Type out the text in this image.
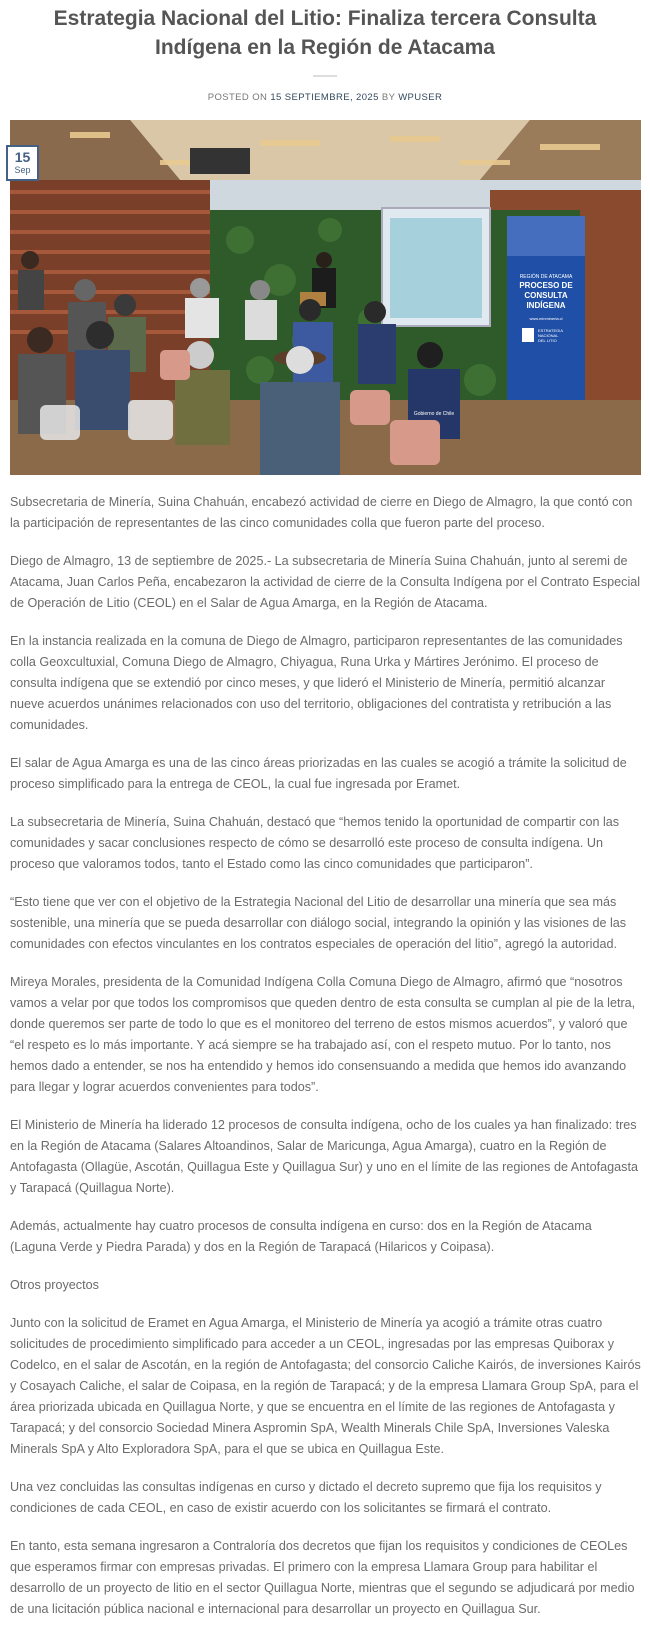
Estrategia Nacional del Litio: Finaliza tercera Consulta Indígena en la Región de Atacama
POSTED ON 15 SEPTIEMBRE, 2025 BY WPUSER
15
Sep
REGIÓN DE ATACAMA
PROCESO DE
CONSULTA
INDÍGENA
www.minmineria.cl
ESTRATEGIA
NACIONAL
DEL LITIO
Gobierno de Chile

Subsecretaria de Minería, Suina Chahuán, encabezó actividad de cierre en Diego de Almagro, la que contó con la participación de representantes de las cinco comunidades colla que fueron parte del proceso.

Diego de Almagro, 13 de septiembre de 2025.- La subsecretaria de Minería Suina Chahuán, junto al seremi de Atacama, Juan Carlos Peña, encabezaron la actividad de cierre de la Consulta Indígena por el Contrato Especial de Operación de Litio (CEOL) en el Salar de Agua Amarga, en la Región de Atacama.

En la instancia realizada en la comuna de Diego de Almagro, participaron representantes de las comunidades colla Geoxcultuxial, Comuna Diego de Almagro, Chiyagua, Runa Urka y Mártires Jerónimo. El proceso de consulta indígena que se extendió por cinco meses, y que lideró el Ministerio de Minería, permitió alcanzar nueve acuerdos unánimes relacionados con uso del territorio, obligaciones del contratista y retribución a las comunidades.

El salar de Agua Amarga es una de las cinco áreas priorizadas en las cuales se acogió a trámite la solicitud de proceso simplificado para la entrega de CEOL, la cual fue ingresada por Eramet.

La subsecretaria de Minería, Suina Chahuán, destacó que “hemos tenido la oportunidad de compartir con las comunidades y sacar conclusiones respecto de cómo se desarrolló este proceso de consulta indígena. Un proceso que valoramos todos, tanto el Estado como las cinco comunidades que participaron”.

“Esto tiene que ver con el objetivo de la Estrategia Nacional del Litio de desarrollar una minería que sea más sostenible, una minería que se pueda desarrollar con diálogo social, integrando la opinión y las visiones de las comunidades con efectos vinculantes en los contratos especiales de operación del litio”, agregó la autoridad.

Mireya Morales, presidenta de la Comunidad Indígena Colla Comuna Diego de Almagro, afirmó que “nosotros vamos a velar por que todos los compromisos que queden dentro de esta consulta se cumplan al pie de la letra, donde queremos ser parte de todo lo que es el monitoreo del terreno de estos mismos acuerdos”, y valoró que “el respeto es lo más importante. Y acá siempre se ha trabajado así, con el respeto mutuo. Por lo tanto, nos hemos dado a entender, se nos ha entendido y hemos ido consensuando a medida que hemos ido avanzando para llegar y lograr acuerdos convenientes para todos”.

El Ministerio de Minería ha liderado 12 procesos de consulta indígena, ocho de los cuales ya han finalizado: tres en la Región de Atacama (Salares Altoandinos, Salar de Maricunga, Agua Amarga), cuatro en la Región de Antofagasta (Ollagüe, Ascotán, Quillagua Este y Quillagua Sur) y uno en el límite de las regiones de Antofagasta y Tarapacá (Quillagua Norte).

Además, actualmente hay cuatro procesos de consulta indígena en curso: dos en la Región de Atacama (Laguna Verde y Piedra Parada) y dos en la Región de Tarapacá (Hilaricos y Coipasa).

Otros proyectos

Junto con la solicitud de Eramet en Agua Amarga, el Ministerio de Minería ya acogió a trámite otras cuatro solicitudes de procedimiento simplificado para acceder a un CEOL, ingresadas por las empresas Quiborax y Codelco, en el salar de Ascotán, en la región de Antofagasta; del consorcio Caliche Kairós, de inversiones Kairós y Cosayach Caliche, el salar de Coipasa, en la región de Tarapacá; y de la empresa Llamara Group SpA, para el área priorizada ubicada en Quillagua Norte, y que se encuentra en el límite de las regiones de Antofagasta y Tarapacá; y del consorcio Sociedad Minera Aspromin SpA, Wealth Minerals Chile SpA, Inversiones Valeska Minerals SpA y Alto Exploradora SpA, para el que se ubica en Quillagua Este.

Una vez concluidas las consultas indígenas en curso y dictado el decreto supremo que fija los requisitos y condiciones de cada CEOL, en caso de existir acuerdo con los solicitantes se firmará el contrato.

En tanto, esta semana ingresaron a Contraloría dos decretos que fijan los requisitos y condiciones de CEOLes que esperamos firmar con empresas privadas. El primero con la empresa Llamara Group para habilitar el desarrollo de un proyecto de litio en el sector Quillagua Norte, mientras que el segundo se adjudicará por medio de una licitación pública nacional e internacional para desarrollar un proyecto en Quillagua Sur.
